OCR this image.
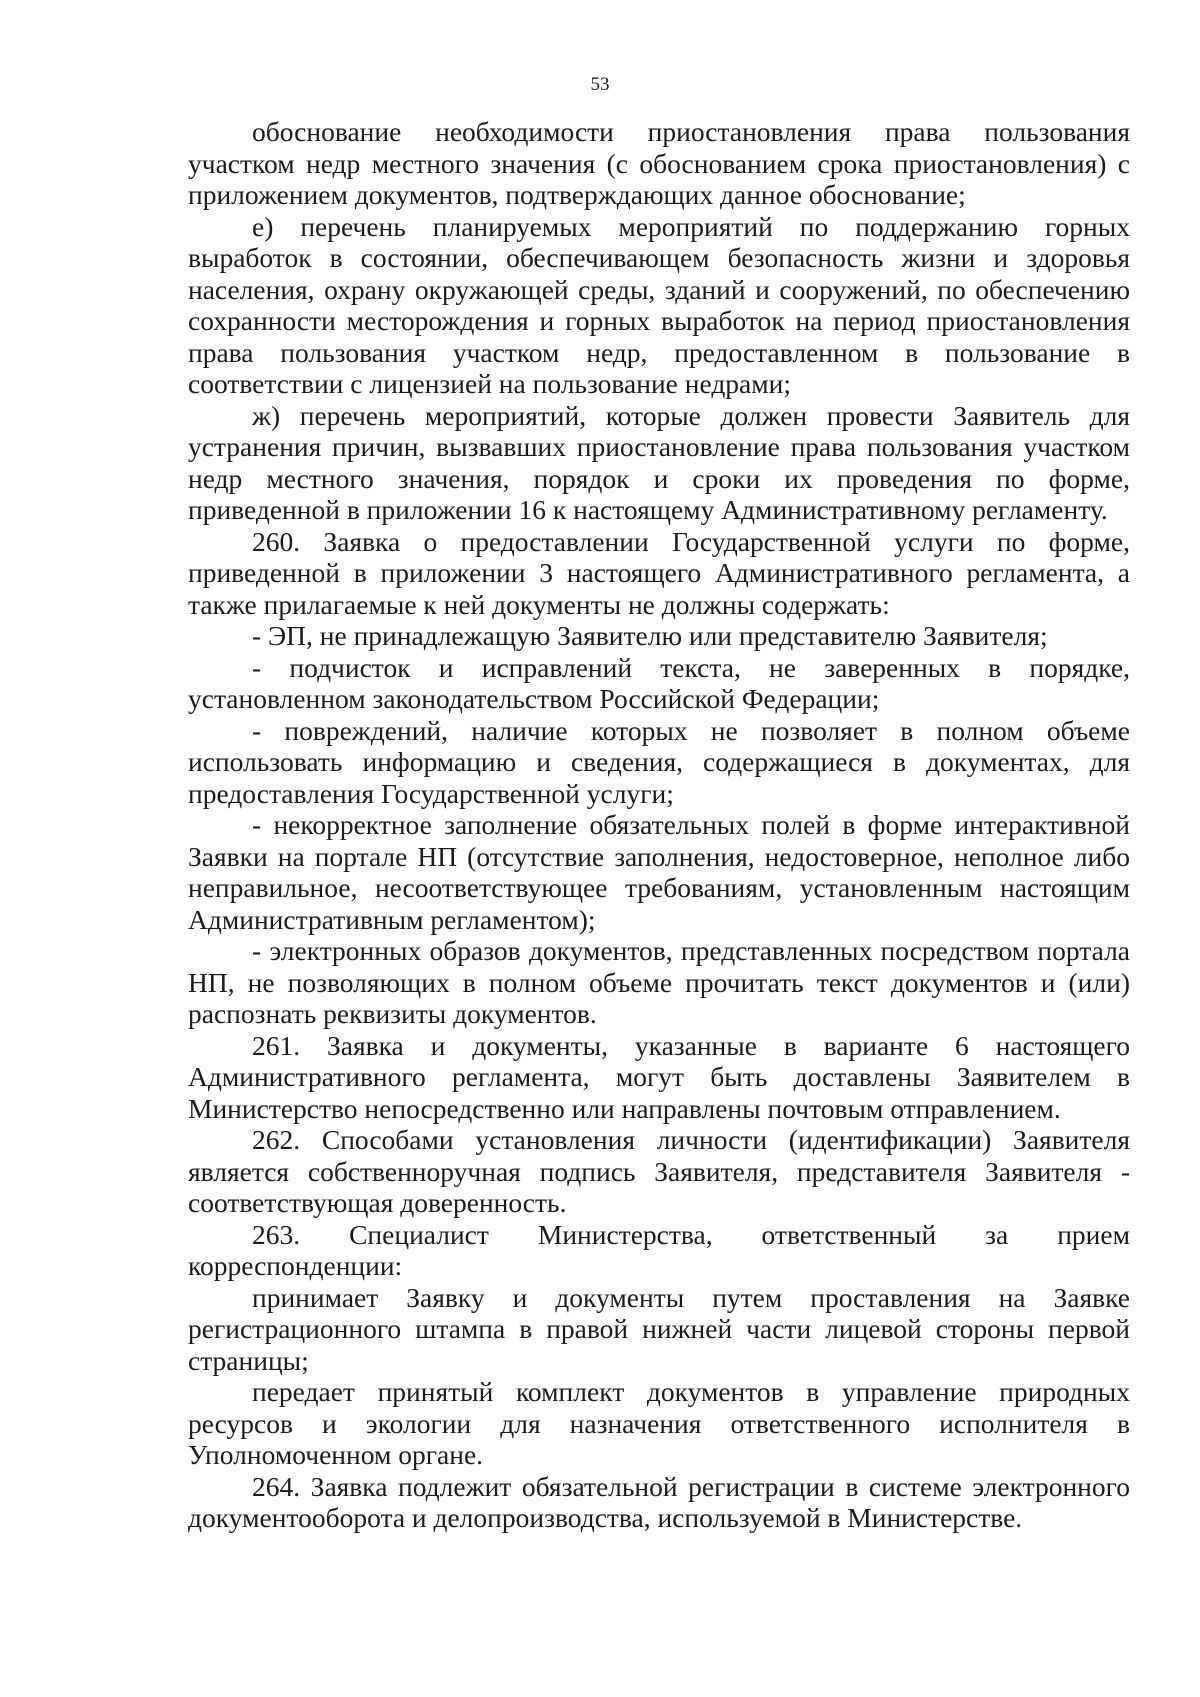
53

обоснование необходимости приостановления права пользования участком недр местного значения (с обоснованием срока приостановления) с приложением документов, подтверждающих данное обоснование;

е) перечень планируемых мероприятий по поддержанию горных выработок в состоянии, обеспечивающем безопасность жизни и здоровья населения, охрану окружающей среды, зданий и сооружений, по обеспечению сохранности месторождения и горных выработок на период приостановления права пользования участком недр, предоставленном в пользование в соответствии с лицензией на пользование недрами;

ж) перечень мероприятий, которые должен провести Заявитель для устранения причин, вызвавших приостановление права пользования участком недр местного значения, порядок и сроки их проведения по форме, приведенной в приложении 16 к настоящему Административному регламенту.

260. Заявка о предоставлении Государственной услуги по форме, приведенной в приложении 3 настоящего Административного регламента, а также прилагаемые к ней документы не должны содержать:

- ЭП, не принадлежащую Заявителю или представителю Заявителя;

- подчисток и исправлений текста, не заверенных в порядке, установленном законодательством Российской Федерации;

- повреждений, наличие которых не позволяет в полном объеме использовать информацию и сведения, содержащиеся в документах, для предоставления Государственной услуги;

- некорректное заполнение обязательных полей в форме интерактивной Заявки на портале НП (отсутствие заполнения, недостоверное, неполное либо неправильное, несоответствующее требованиям, установленным настоящим Административным регламентом);

- электронных образов документов, представленных посредством портала НП, не позволяющих в полном объеме прочитать текст документов и (или) распознать реквизиты документов.

261. Заявка и документы, указанные в варианте 6 настоящего Административного регламента, могут быть доставлены Заявителем в Министерство непосредственно или направлены почтовым отправлением.

262. Способами установления личности (идентификации) Заявителя является собственноручная подпись Заявителя, представителя Заявителя - соответствующая доверенность.

263. Специалист Министерства, ответственный за прием корреспонденции:

принимает Заявку и документы путем проставления на Заявке регистрационного штампа в правой нижней части лицевой стороны первой страницы;

передает принятый комплект документов в управление природных ресурсов и экологии для назначения ответственного исполнителя в Уполномоченном органе.

264. Заявка подлежит обязательной регистрации в системе электронного документооборота и делопроизводства, используемой в Министерстве.
